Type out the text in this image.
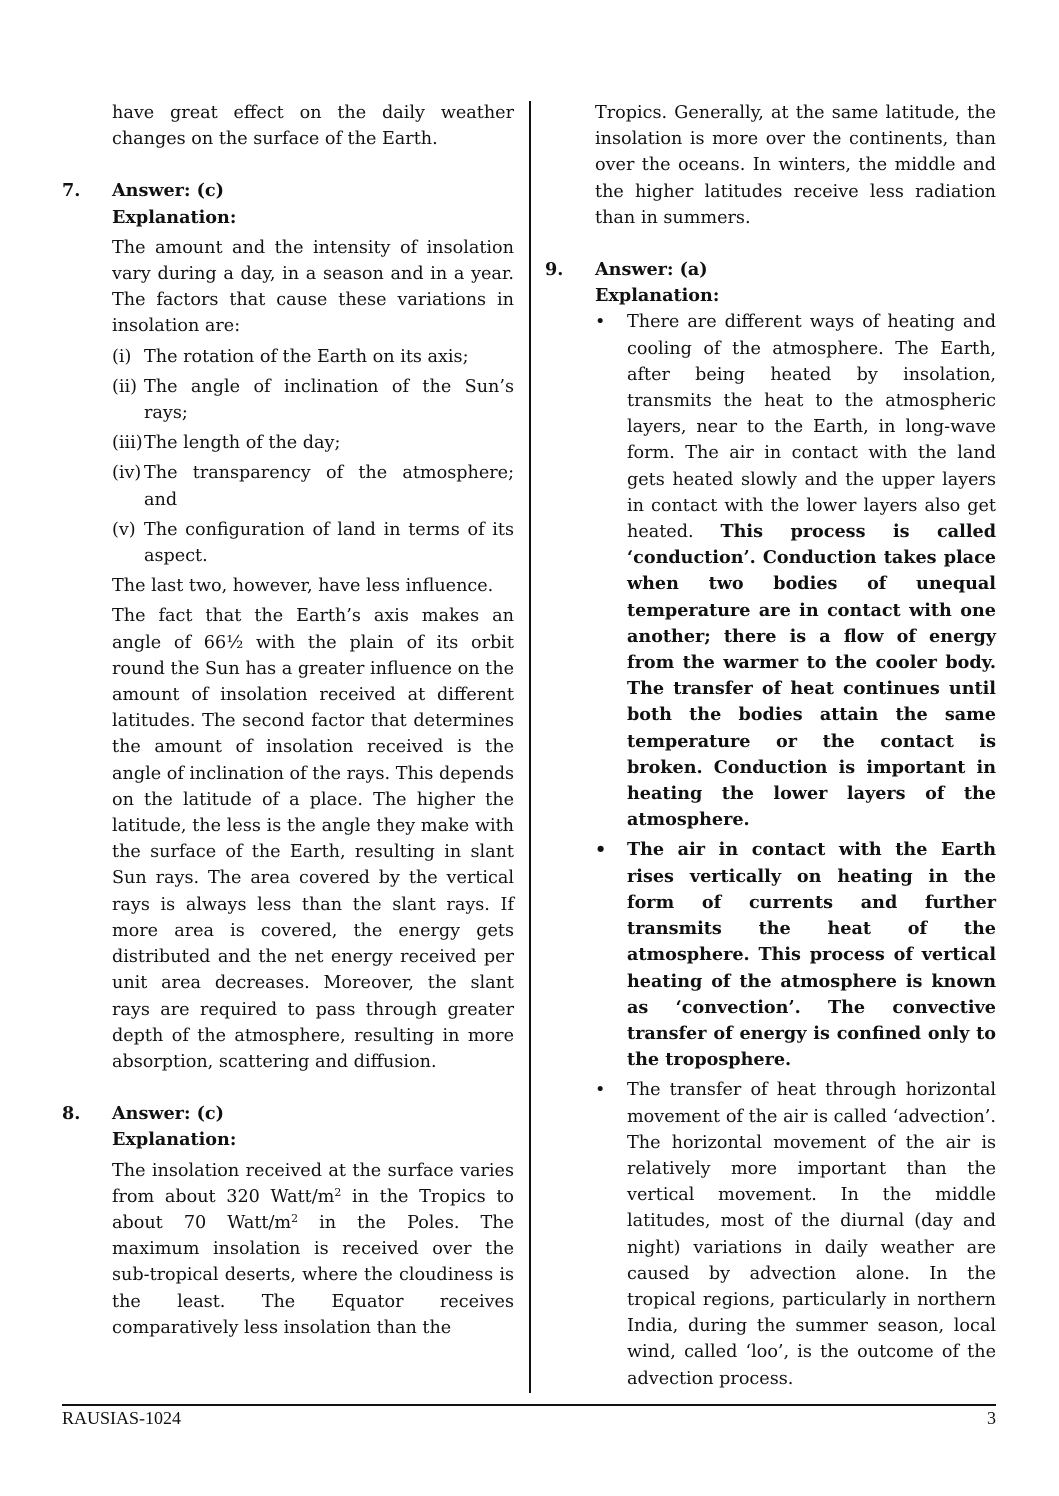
have great effect on the daily weather changes on the surface of the Earth.

7. Answer: (c)

Explanation:

The amount and the intensity of insolation vary during a day, in a season and in a year. The factors that cause these variations in insolation are:

(i) The rotation of the Earth on its axis;
(ii) The angle of inclination of the Sun’s rays;
(iii) The length of the day;
(iv) The transparency of the atmosphere; and
(v) The configuration of land in terms of its aspect.

The last two, however, have less influence.

The fact that the Earth’s axis makes an angle of 66½ with the plain of its orbit round the Sun has a greater influence on the amount of insolation received at different latitudes. The second factor that determines the amount of insolation received is the angle of inclination of the rays. This depends on the latitude of a place. The higher the latitude, the less is the angle they make with the surface of the Earth, resulting in slant Sun rays. The area covered by the vertical rays is always less than the slant rays. If more area is covered, the energy gets distributed and the net energy received per unit area decreases. Moreover, the slant rays are required to pass through greater depth of the atmosphere, resulting in more absorption, scattering and diffusion.

8. Answer: (c)

Explanation:

The insolation received at the surface varies from about 320 Watt/$m^2$ in the Tropics to about 70 Watt/$m^2$ in the Poles. The maximum insolation is received over the sub-tropical deserts, where the cloudiness is the least. The Equator receives comparatively less insolation than the

Tropics. Generally, at the same latitude, the insolation is more over the continents, than over the oceans. In winters, the middle and the higher latitudes receive less radiation than in summers.

9. Answer: (a)

Explanation:

• There are different ways of heating and cooling of the atmosphere. The Earth, after being heated by insolation, transmits the heat to the atmospheric layers, near to the Earth, in long-wave form. The air in contact with the land gets heated slowly and the upper layers in contact with the lower layers also get heated. This process is called ‘conduction’. Conduction takes place when two bodies of unequal temperature are in contact with one another; there is a flow of energy from the warmer to the cooler body. The transfer of heat continues until both the bodies attain the same temperature or the contact is broken. Conduction is important in heating the lower layers of the atmosphere.
• The air in contact with the Earth rises vertically on heating in the form of currents and further transmits the heat of the atmosphere. This process of vertical heating of the atmosphere is known as ‘convection’. The convective transfer of energy is confined only to the troposphere.
• The transfer of heat through horizontal movement of the air is called ‘advection’. The horizontal movement of the air is relatively more important than the vertical movement. In the middle latitudes, most of the diurnal (day and night) variations in daily weather are caused by advection alone. In the tropical regions, particularly in northern India, during the summer season, local wind, called ‘loo’, is the outcome of the advection process.
RAUSIAS-1024	3
